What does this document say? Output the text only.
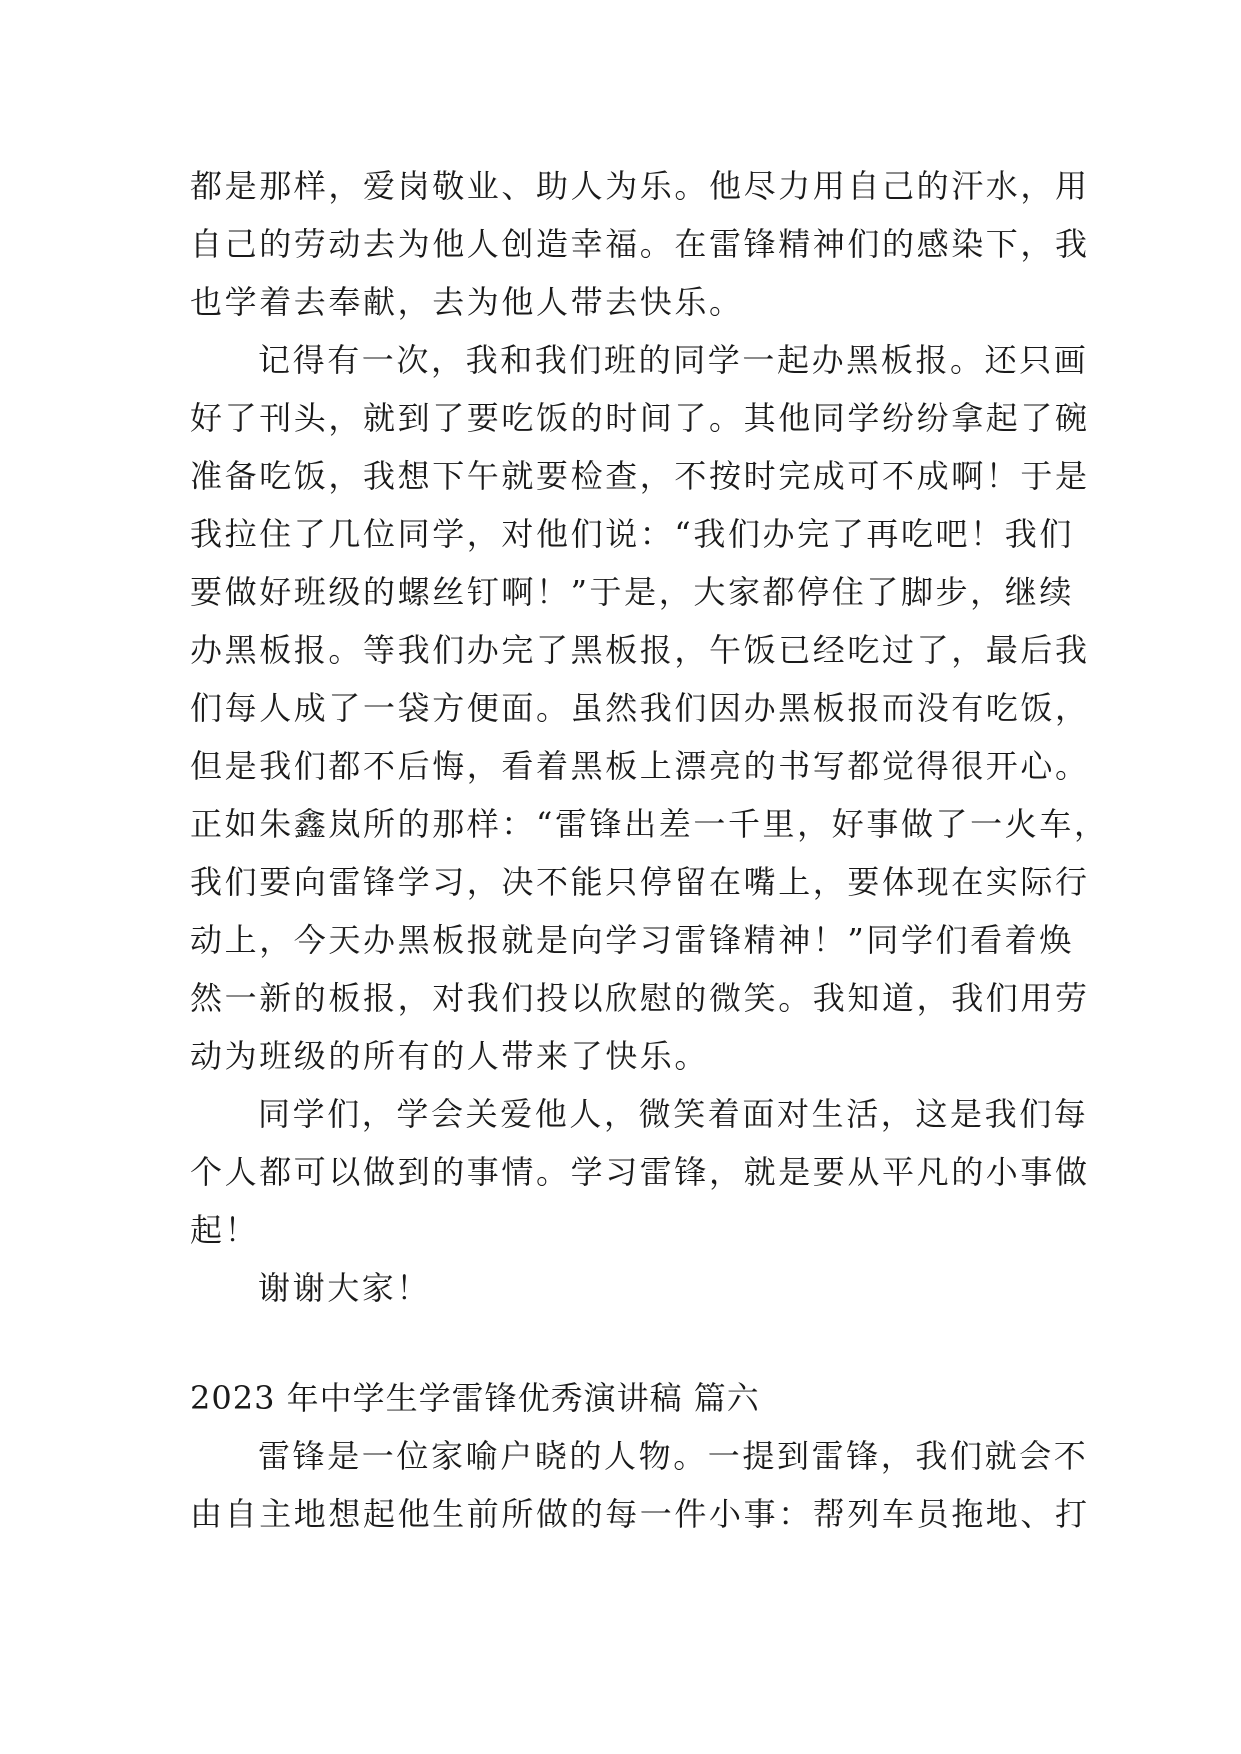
都是那样，爱岗敬业、助人为乐。他尽力用自己的汗水，用
自己的劳动去为他人创造幸福。在雷锋精神们的感染下，我
也学着去奉献，去为他人带去快乐。
记得有一次，我和我们班的同学一起办黑板报。还只画
好了刊头，就到了要吃饭的时间了。其他同学纷纷拿起了碗
准备吃饭，我想下午就要检查，不按时完成可不成啊！于是
我拉住了几位同学，对他们说：“我们办完了再吃吧！我们
要做好班级的螺丝钉啊！”于是，大家都停住了脚步，继续
办黑板报。等我们办完了黑板报，午饭已经吃过了，最后我
们每人成了一袋方便面。虽然我们因办黑板报而没有吃饭，
但是我们都不后悔，看着黑板上漂亮的书写都觉得很开心。
正如朱鑫岚所的那样：“雷锋出差一千里，好事做了一火车，
我们要向雷锋学习，决不能只停留在嘴上，要体现在实际行
动上，今天办黑板报就是向学习雷锋精神！”同学们看着焕
然一新的板报，对我们投以欣慰的微笑。我知道，我们用劳
动为班级的所有的人带来了快乐。
同学们，学会关爱他人，微笑着面对生活，这是我们每
个人都可以做到的事情。学习雷锋，就是要从平凡的小事做
起！
谢谢大家！
2023 年中学生学雷锋优秀演讲稿 篇六
雷锋是一位家喻户晓的人物。一提到雷锋，我们就会不
由自主地想起他生前所做的每一件小事：帮列车员拖地、打
